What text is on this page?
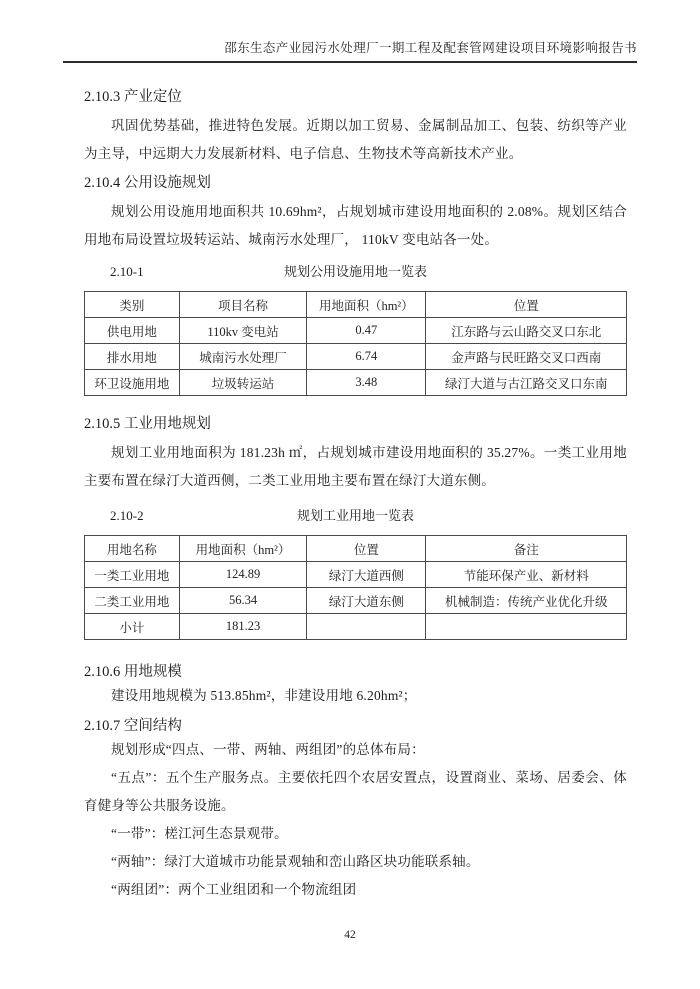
邵东生态产业园污水处理厂一期工程及配套管网建设项目环境影响报告书
2.10.3 产业定位

巩固优势基础，推进特色发展。近期以加工贸易、金属制品加工、包装、纺织等产业为主导，中远期大力发展新材料、电子信息、生物技术等高新技术产业。

2.10.4 公用设施规划

规划公用设施用地面积共 10.69hm²，占规划城市建设用地面积的 2.08%。规划区结合用地布局设置垃圾转运站、城南污水处理厂， 110kV 变电站各一处。

2.10-1	规划公用设施用地一览表
类别	项目名称	用地面积（hm²）	位置
供电用地	110kv 变电站	0.47	江东路与云山路交叉口东北
排水用地	城南污水处理厂	6.74	金声路与民旺路交叉口西南
环卫设施用地	垃圾转运站	3.48	绿汀大道与古江路交叉口东南
2.10.5 工业用地规划

规划工业用地面积为 181.23h ㎡，占规划城市建设用地面积的 35.27%。一类工业用地主要布置在绿汀大道西侧，二类工业用地主要布置在绿汀大道东侧。

2.10-2	规划工业用地一览表
用地名称	用地面积（hm²）	位置	备注
一类工业用地	124.89	绿汀大道西侧	节能环保产业、新材料
二类工业用地	56.34	绿汀大道东侧	机械制造：传统产业优化升级
小计	181.23		
2.10.6 用地规模

建设用地规模为 513.85hm²，非建设用地 6.20hm²；

2.10.7 空间结构

规划形成“四点、一带、两轴、两组团”的总体布局：

“五点”：五个生产服务点。主要依托四个农居安置点，设置商业、菜场、居委会、体育健身等公共服务设施。

“一带”：槎江河生态景观带。

“两轴”：绿汀大道城市功能景观轴和峦山路区块功能联系轴。

“两组团”：两个工业组团和一个物流组团

42
